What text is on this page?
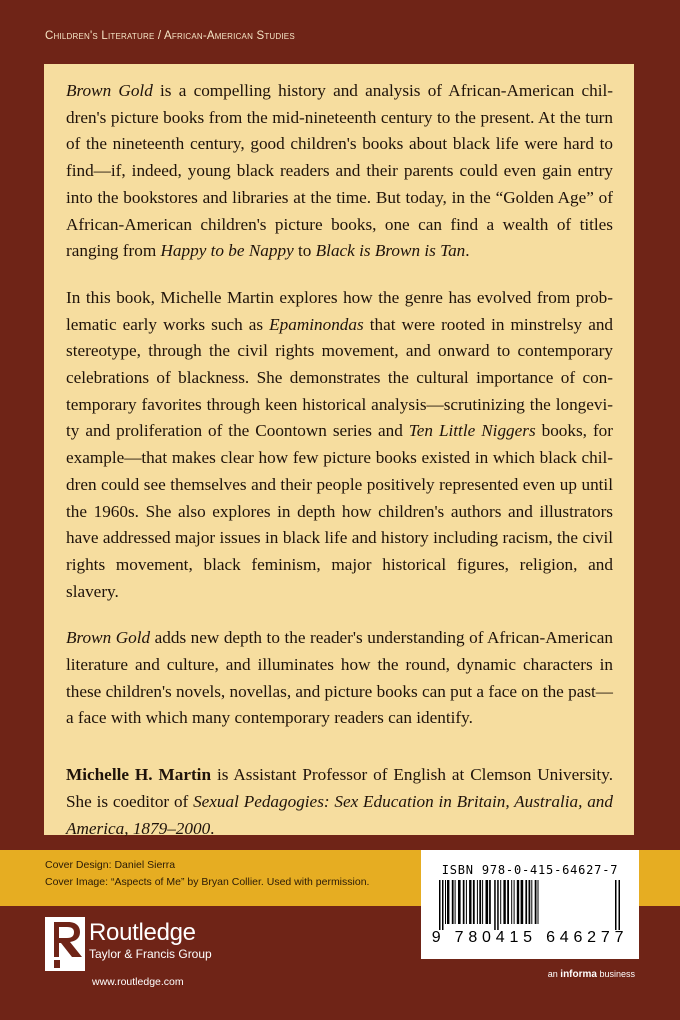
Children's Literature / African-American Studies

Brown Gold is a compelling history and analysis of African-American children's picture books from the mid-nineteenth century to the present. At the turn of the nineteenth century, good children's books about black life were hard to find—if, indeed, young black readers and their parents could even gain entry into the bookstores and libraries at the time. But today, in the “Golden Age” of African-American children's picture books, one can find a wealth of titles ranging from Happy to be Nappy to Black is Brown is Tan.

In this book, Michelle Martin explores how the genre has evolved from problematic early works such as Epaminondas that were rooted in minstrelsy and stereotype, through the civil rights movement, and onward to contemporary celebrations of blackness. She demonstrates the cultural importance of contemporary favorites through keen historical analysis—scrutinizing the longevity and proliferation of the Coontown series and Ten Little Niggers books, for example—that makes clear how few picture books existed in which black children could see themselves and their people positively represented even up until the 1960s. She also explores in depth how children's authors and illustrators have addressed major issues in black life and history including racism, the civil rights movement, black feminism, major historical figures, religion, and slavery.

Brown Gold adds new depth to the reader's understanding of African-American literature and culture, and illuminates how the round, dynamic characters in these children's novels, novellas, and picture books can put a face on the past—a face with which many contemporary readers can identify.

Michelle H. Martin is Assistant Professor of English at Clemson University. She is coeditor of Sexual Pedagogies: Sex Education in Britain, Australia, and America, 1879–2000.

Cover Design: Daniel Sierra
Cover Image: “Aspects of Me” by Bryan Collier. Used with permission.
ISBN 978-0-415-64627-7
9 780415 646277
Routledge
Taylor & Francis Group
www.routledge.com
an informa business
